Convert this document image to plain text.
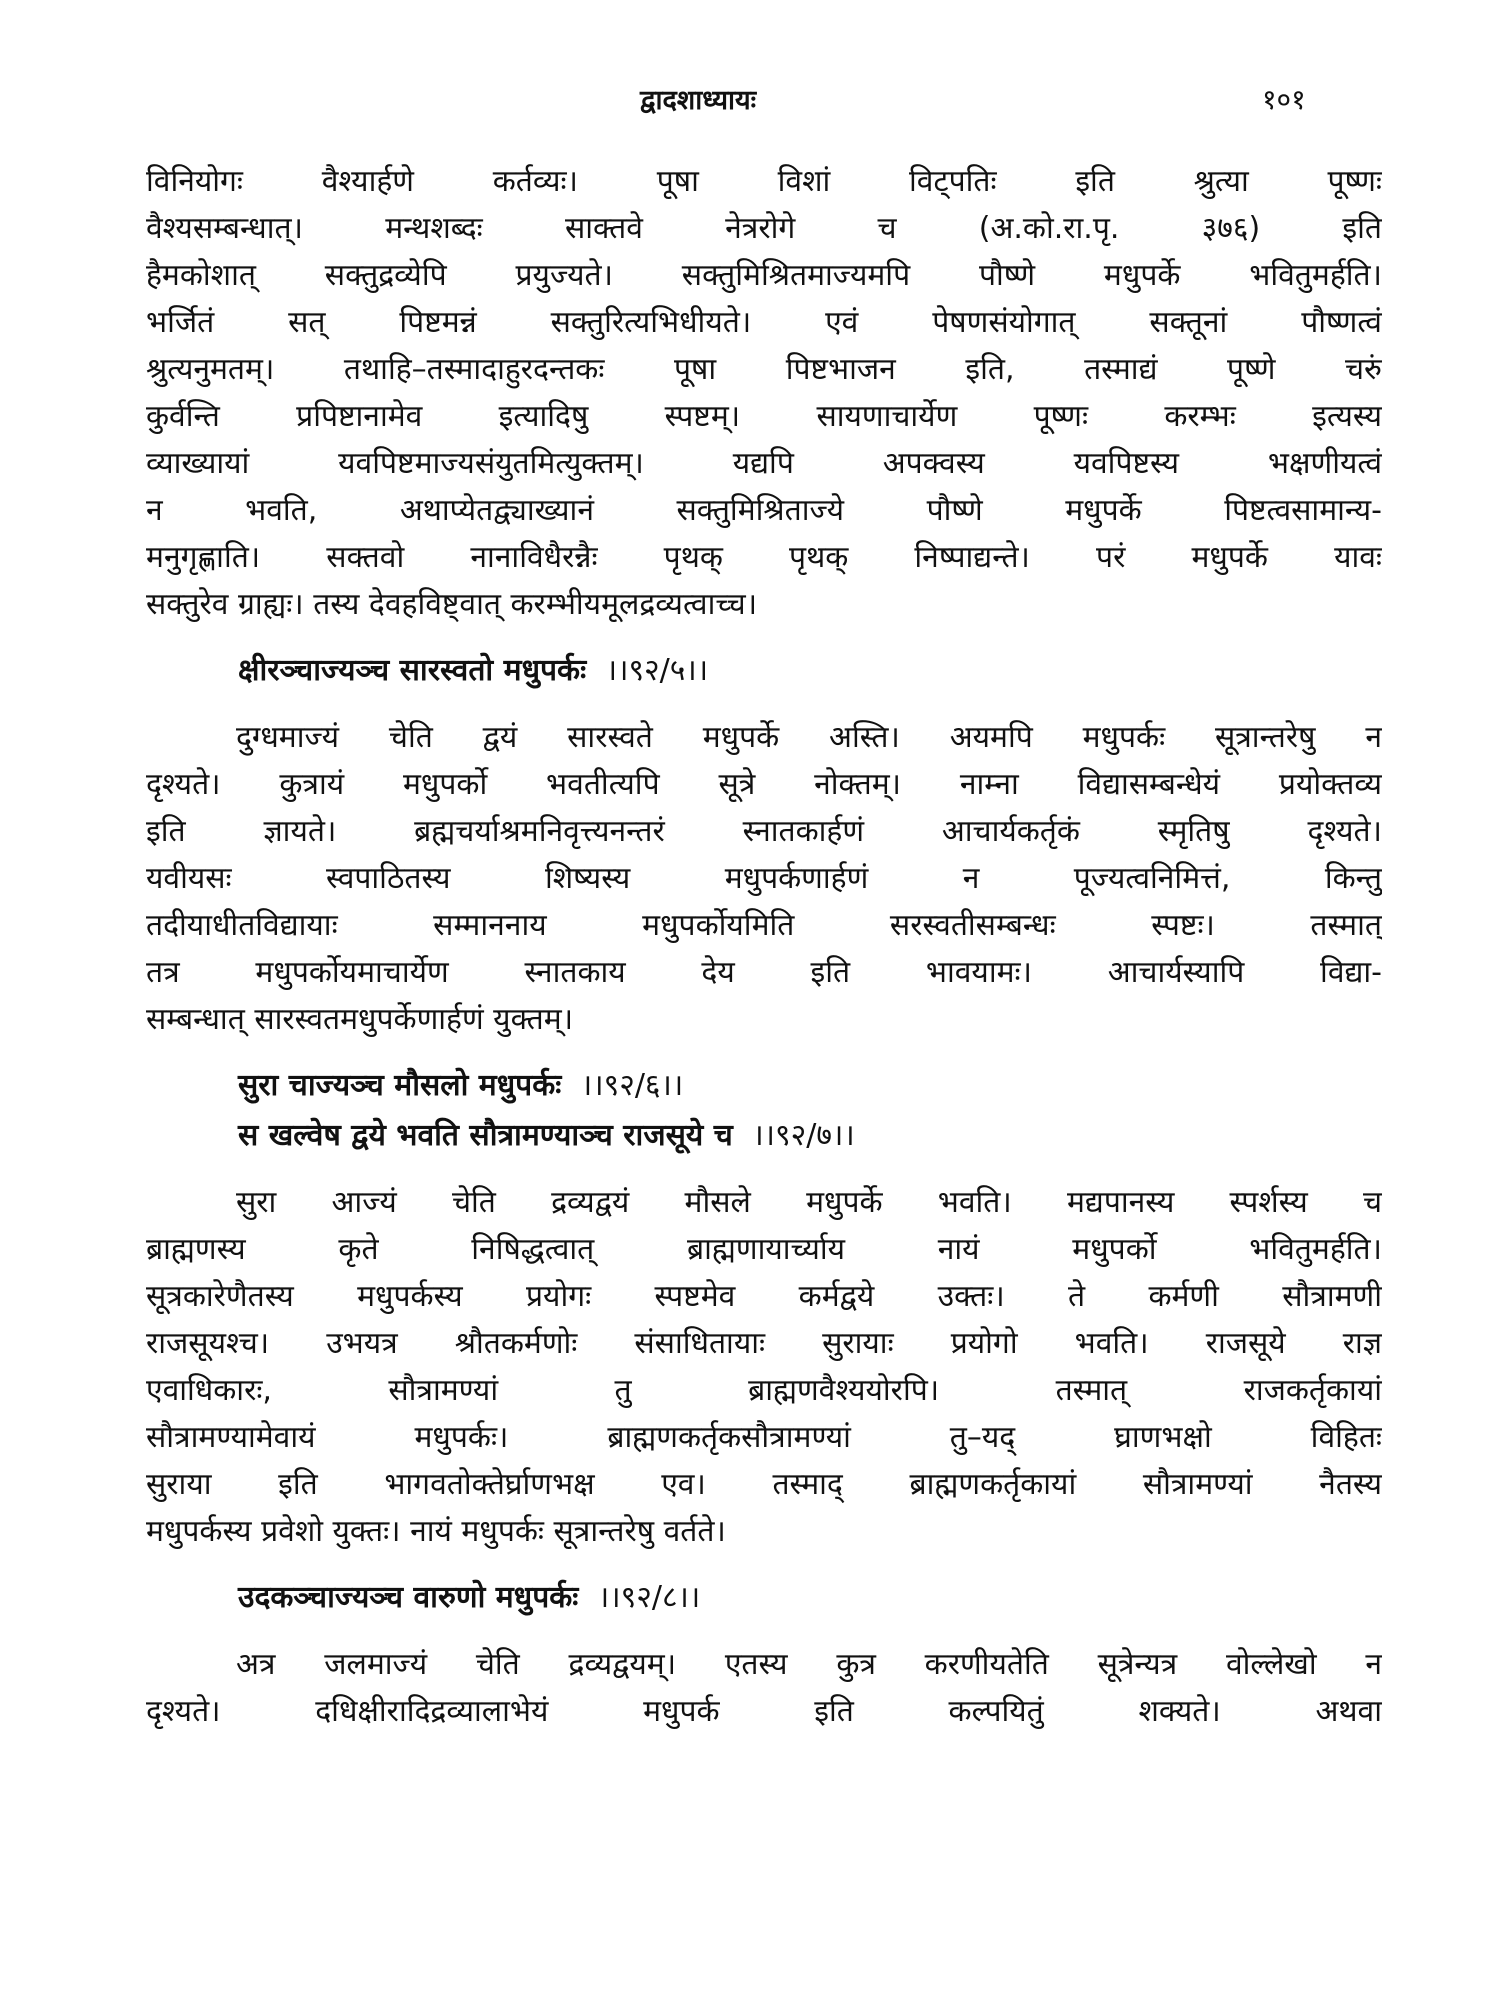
द्वादशाध्यायः	१०१
विनियोगः वैश्यार्हणे कर्तव्यः। पूषा विशां विट्पतिः इति श्रुत्या पूष्णः
वैश्यसम्बन्धात्। मन्थशब्दः साक्तवे नेत्ररोगे च (अ.को.रा.पृ. ३७६) इति
हैमकोशात् सक्तुद्रव्येपि प्रयुज्यते। सक्तुमिश्रितमाज्यमपि पौष्णे मधुपर्के भवितुमर्हति।
भर्जितं सत् पिष्टमन्नं सक्तुरित्यभिधीयते। एवं पेषणसंयोगात् सक्तूनां पौष्णत्वं
श्रुत्यनुमतम्। तथाहि–तस्मादाहुरदन्तकः पूषा पिष्टभाजन इति, तस्माद्यं पूष्णे चरुं
कुर्वन्ति प्रपिष्टानामेव इत्यादिषु स्पष्टम्। सायणाचार्येण पूष्णः करम्भः इत्यस्य
व्याख्यायां यवपिष्टमाज्यसंयुतमित्युक्तम्। यद्यपि अपक्वस्य यवपिष्टस्य भक्षणीयत्वं
न भवति, अथाप्येतद्व्याख्यानं सक्तुमिश्रिताज्ये पौष्णे मधुपर्के पिष्टत्वसामान्य-
मनुगृह्णाति। सक्तवो नानाविधैरन्नैः पृथक् पृथक् निष्पाद्यन्ते। परं मधुपर्के यावः
सक्तुरेव ग्राह्यः। तस्य देवहविष्ट्वात् करम्भीयमूलद्रव्यत्वाच्च।
क्षीरञ्चाज्यञ्च सारस्वतो मधुपर्कः ।।९२/५।।
दुग्धमाज्यं चेति द्वयं सारस्वते मधुपर्के अस्ति। अयमपि मधुपर्कः सूत्रान्तरेषु न
दृश्यते। कुत्रायं मधुपर्को भवतीत्यपि सूत्रे नोक्तम्। नाम्ना विद्यासम्बन्धेयं प्रयोक्तव्य
इति ज्ञायते। ब्रह्मचर्याश्रमनिवृत्त्यनन्तरं स्नातकार्हणं आचार्यकर्तृकं स्मृतिषु दृश्यते।
यवीयसः स्वपाठितस्य शिष्यस्य मधुपर्कणार्हणं न पूज्यत्वनिमित्तं, किन्तु
तदीयाधीतविद्यायाः सम्माननाय मधुपर्कोयमिति सरस्वतीसम्बन्धः स्पष्टः। तस्मात्
तत्र मधुपर्कोयमाचार्येण स्नातकाय देय इति भावयामः। आचार्यस्यापि विद्या-
सम्बन्धात् सारस्वतमधुपर्केणार्हणं युक्तम्।
सुरा चाज्यञ्च मौसलो मधुपर्कः ।।९२/६।।
स खल्वेष द्वये भवति सौत्रामण्याञ्च राजसूये च ।।९२/७।।
सुरा आज्यं चेति द्रव्यद्वयं मौसले मधुपर्के भवति। मद्यपानस्य स्पर्शस्य च
ब्राह्मणस्य कृते निषिद्धत्वात् ब्राह्मणायार्च्याय नायं मधुपर्को भवितुमर्हति।
सूत्रकारेणैतस्य मधुपर्कस्य प्रयोगः स्पष्टमेव कर्मद्वये उक्तः। ते कर्मणी सौत्रामणी
राजसूयश्च। उभयत्र श्रौतकर्मणोः संसाधितायाः सुरायाः प्रयोगो भवति। राजसूये राज्ञ
एवाधिकारः, सौत्रामण्यां तु ब्राह्मणवैश्ययोरपि। तस्मात् राजकर्तृकायां
सौत्रामण्यामेवायं मधुपर्कः। ब्राह्मणकर्तृकसौत्रामण्यां तु–यद् घ्राणभक्षो विहितः
सुराया इति भागवतोक्तेर्घ्राणभक्ष एव। तस्माद् ब्राह्मणकर्तृकायां सौत्रामण्यां नैतस्य
मधुपर्कस्य प्रवेशो युक्तः। नायं मधुपर्कः सूत्रान्तरेषु वर्तते।
उदकञ्चाज्यञ्च वारुणो मधुपर्कः ।।९२/८।।
अत्र जलमाज्यं चेति द्रव्यद्वयम्। एतस्य कुत्र करणीयतेति सूत्रेन्यत्र वोल्लेखो न
दृश्यते। दधिक्षीरादिद्रव्यालाभेयं मधुपर्क इति कल्पयितुं शक्यते। अथवा
